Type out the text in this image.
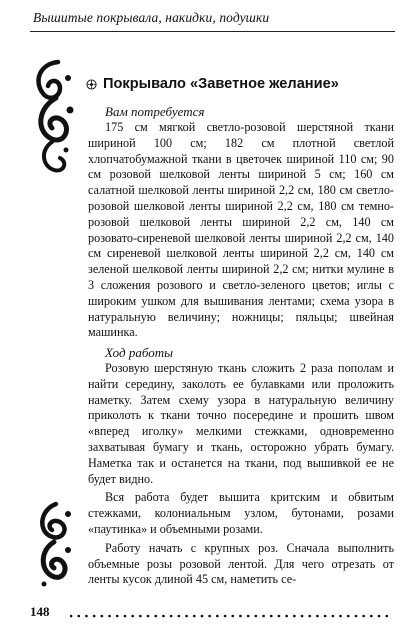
Вышитые покрывала, накидки, подушки
Покрывало «Заветное желание»
Вам потребуется
175 см мягкой светло-розовой шерстяной ткани шириной 100 см; 182 см плотной светлой хлопчатобумажной ткани в цветочек шириной 110 см; 90 см розовой шелковой ленты шириной 5 см; 160 см салатной шелковой ленты шириной 2,2 см, 180 см светло-розовой шелковой ленты шириной 2,2 см, 180 см темно-розовой шелковой ленты шириной 2,2 см, 140 см розовато-сиреневой шелковой ленты шириной 2,2 см, 140 см сиреневой шелковой ленты шириной 2,2 см, 140 см зеленой шелковой ленты шириной 2,2 см; нитки мулине в 3 сложения розового и светло-зеленого цветов; иглы с широким ушком для вышивания лентами; схема узора в натуральную величину; ножницы; пяльцы; швейная машинка.
Ход работы

Розовую шерстяную ткань сложить 2 раза пополам и найти середину, заколоть ее булавками или проложить наметку. Затем схему узора в натуральную величину приколоть к ткани точно посередине и прошить швом «вперед иголку» мелкими стежками, одновременно захватывая бумагу и ткань, осторожно убрать бумагу. Наметка так и останется на ткани, под вышивкой ее не будет видно.

Вся работа будет вышита критским и обвитым стежками, колониальным узлом, бутонами, розами «паутинка» и объемными розами.

Работу начать с крупных роз. Сначала выполнить объемные розы розовой лентой. Для чего отрезать от ленты кусок длиной 45 см, наметить се-

148
